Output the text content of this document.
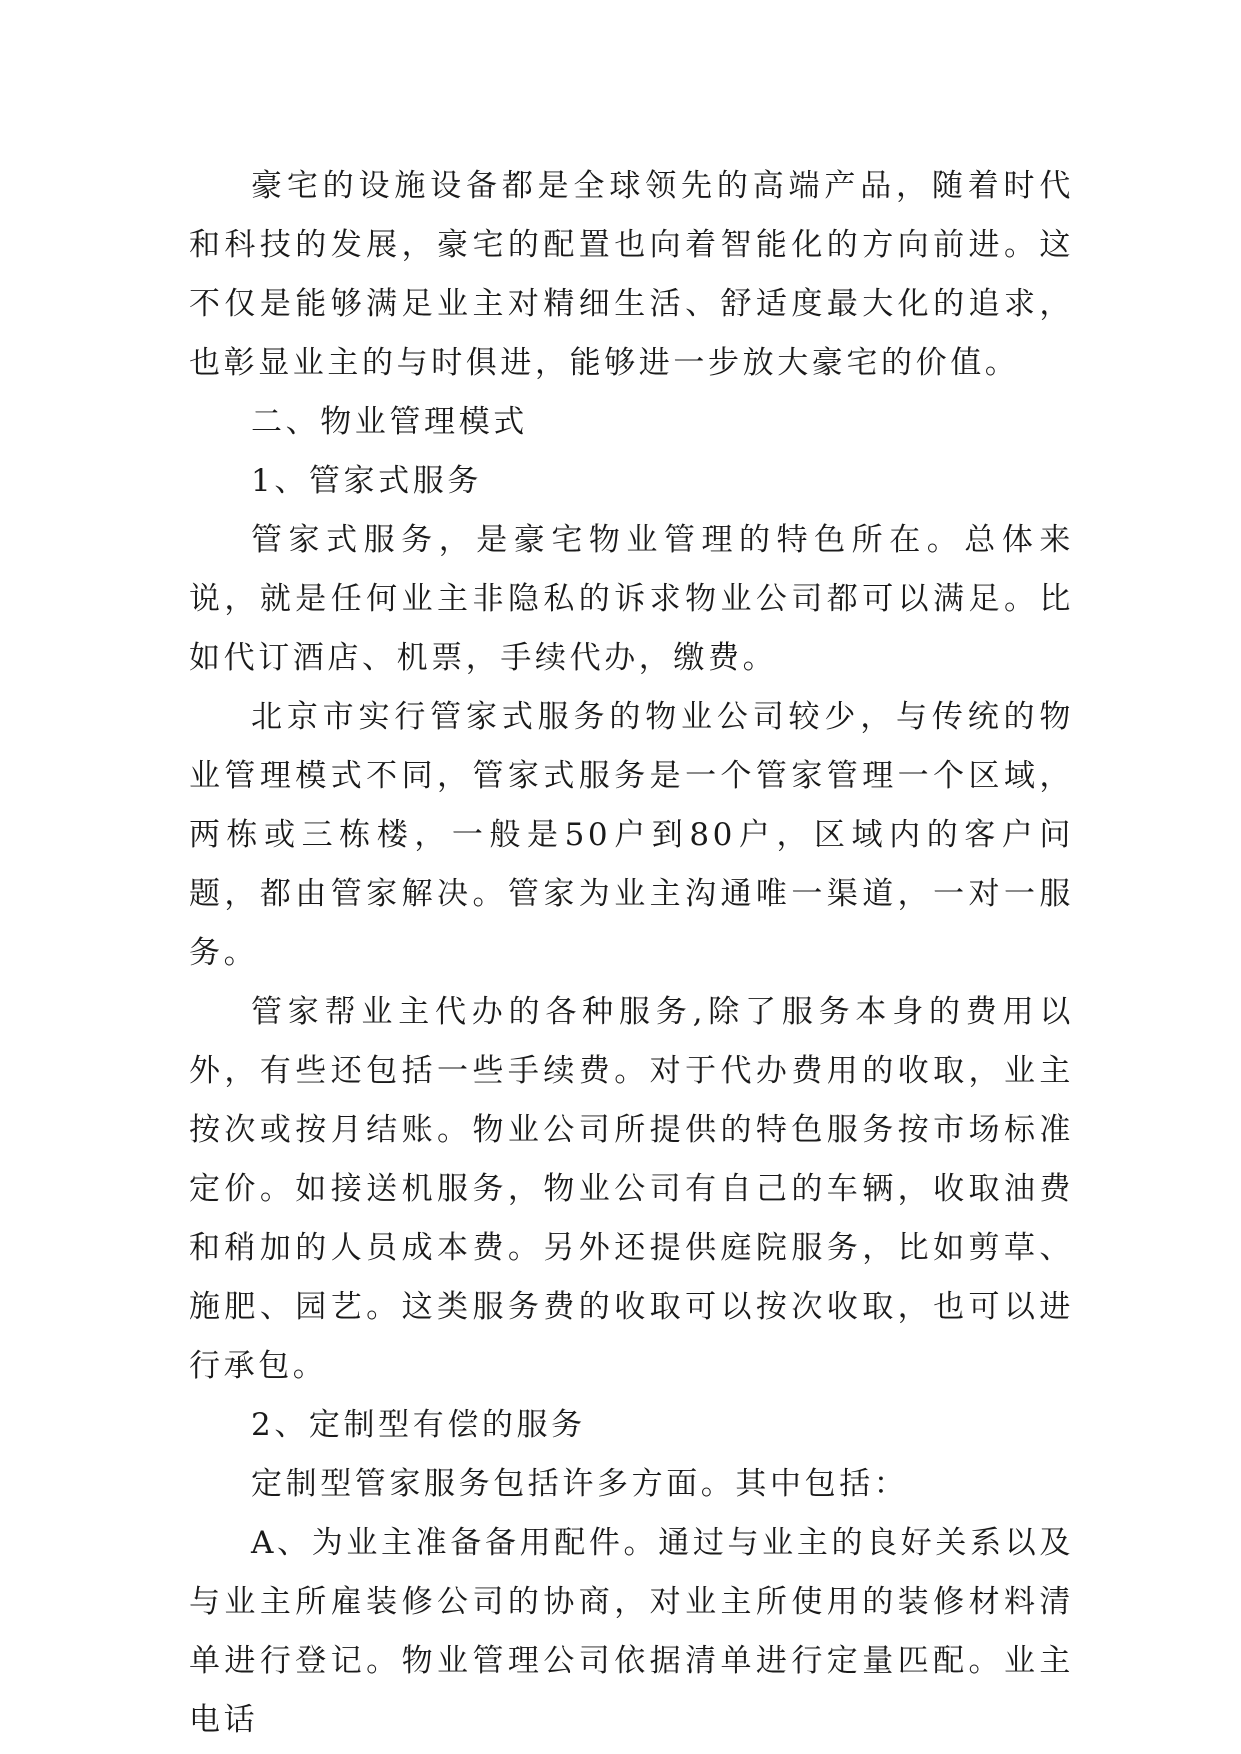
豪宅的设施设备都是全球领先的高端产品，随着时代和科技的发展，豪宅的配置也向着智能化的方向前进。这不仅是能够满足业主对精细生活、舒适度最大化的追求，也彰显业主的与时俱进，能够进一步放大豪宅的价值。

二、物业管理模式

1、管家式服务

管家式服务，是豪宅物业管理的特色所在。总体来说，就是任何业主非隐私的诉求物业公司都可以满足。比如代订酒店、机票，手续代办，缴费。

北京市实行管家式服务的物业公司较少，与传统的物业管理模式不同，管家式服务是一个管家管理一个区域，两栋或三栋楼，一般是50户到80户，区域内的客户问题，都由管家解决。管家为业主沟通唯一渠道，一对一服务。

管家帮业主代办的各种服务,除了服务本身的费用以外，有些还包括一些手续费。对于代办费用的收取，业主按次或按月结账。物业公司所提供的特色服务按市场标准定价。如接送机服务，物业公司有自己的车辆，收取油费和稍加的人员成本费。另外还提供庭院服务，比如剪草、施肥、园艺。这类服务费的收取可以按次收取，也可以进行承包。

2、定制型有偿的服务

定制型管家服务包括许多方面。其中包括：

A、为业主准备备用配件。通过与业主的良好关系以及与业主所雇装修公司的协商，对业主所使用的装修材料清单进行登记。物业管理公司依据清单进行定量匹配。业主电话
